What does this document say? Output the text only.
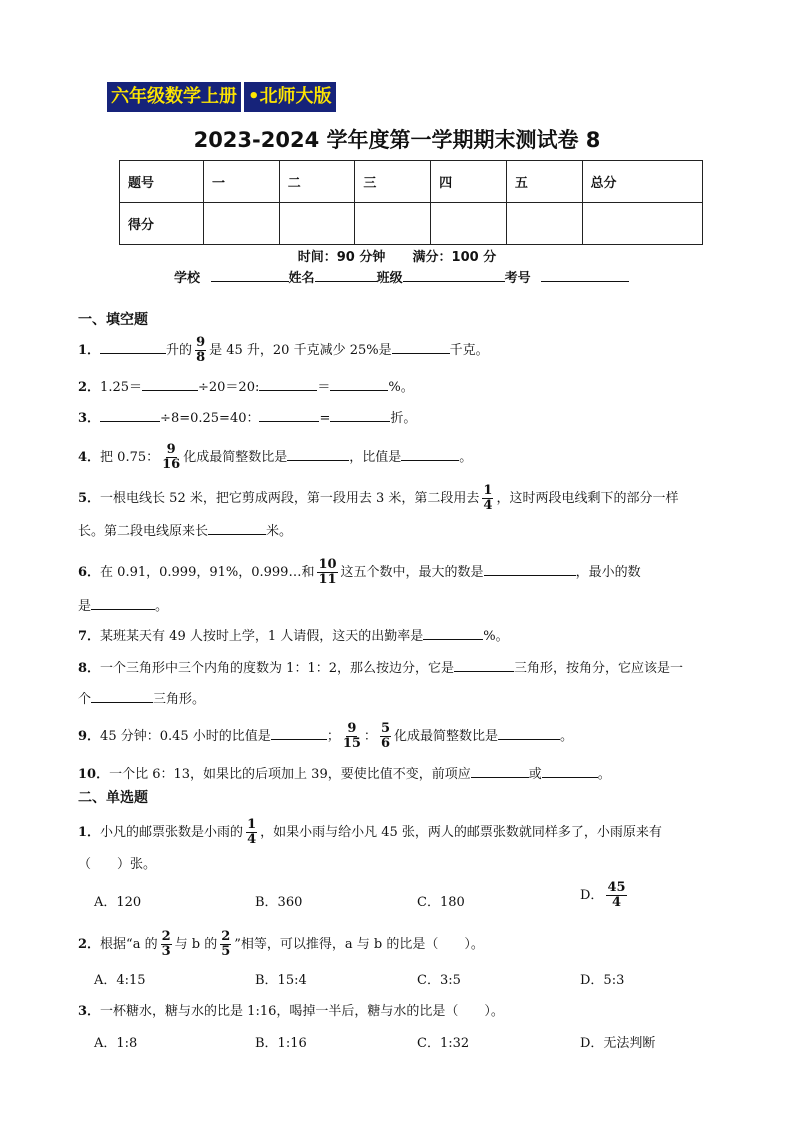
六年级数学上册 •北师大版
2023-2024 学年度第一学期期末测试卷 8
题号	一	二	三	四	五	总分
得分						
时间：90 分钟 满分：100 分
学校	姓名	班级	考号
一、填空题
1．	升的 $\frac{9}{8}$ 是 45 升，20 千克减少 25%是	千克。
2．1.25＝	÷20＝20:	＝	%。
3．	÷8=0.25=40：	=	折。
4．把 0.75： $\frac{9}{16}$ 化成最简整数比是	，比值是	。
5．一根电线长 52 米，把它剪成两段，第一段用去 3 米，第二段用去 $\frac{1}{4}$ ，这时两段电线剩下的部分一样
长。第二段电线原来长	米。
6．在 0.91，0.999，91%，0.999…和 $\frac{10}{11}$ 这五个数中，最大的数是	，最小的数
是	。
7．某班某天有 49 人按时上学，1 人请假，这天的出勤率是	%。
8．一个三角形中三个内角的度数为 1：1：2，那么按边分，它是	三角形，按角分，它应该是一
个	三角形。
9．45 分钟：0.45 小时的比值是	； $\frac{9}{15}$ ： $\frac{5}{6}$ 化成最简整数比是	。
10．一个比 6：13，如果比的后项加上 39，要使比值不变，前项应	或	。
二、单选题
1．小凡的邮票张数是小雨的 $\frac{1}{4}$ ，如果小雨与给小凡 45 张，两人的邮票张数就同样多了，小雨原来有
（　　）张。
A．120	B．360	C．180	D． $\frac{45}{4}$
2．根据“a 的 $\frac{2}{3}$ 与 b 的 $\frac{2}{5}$ ”相等，可以推得，a 与 b 的比是（　　）。
A．4:15	B．15:4	C．3:5	D．5:3
3．一杯糖水，糖与水的比是 1:16，喝掉一半后，糖与水的比是（　　）。
A．1:8	B．1:16	C．1:32	D．无法判断
